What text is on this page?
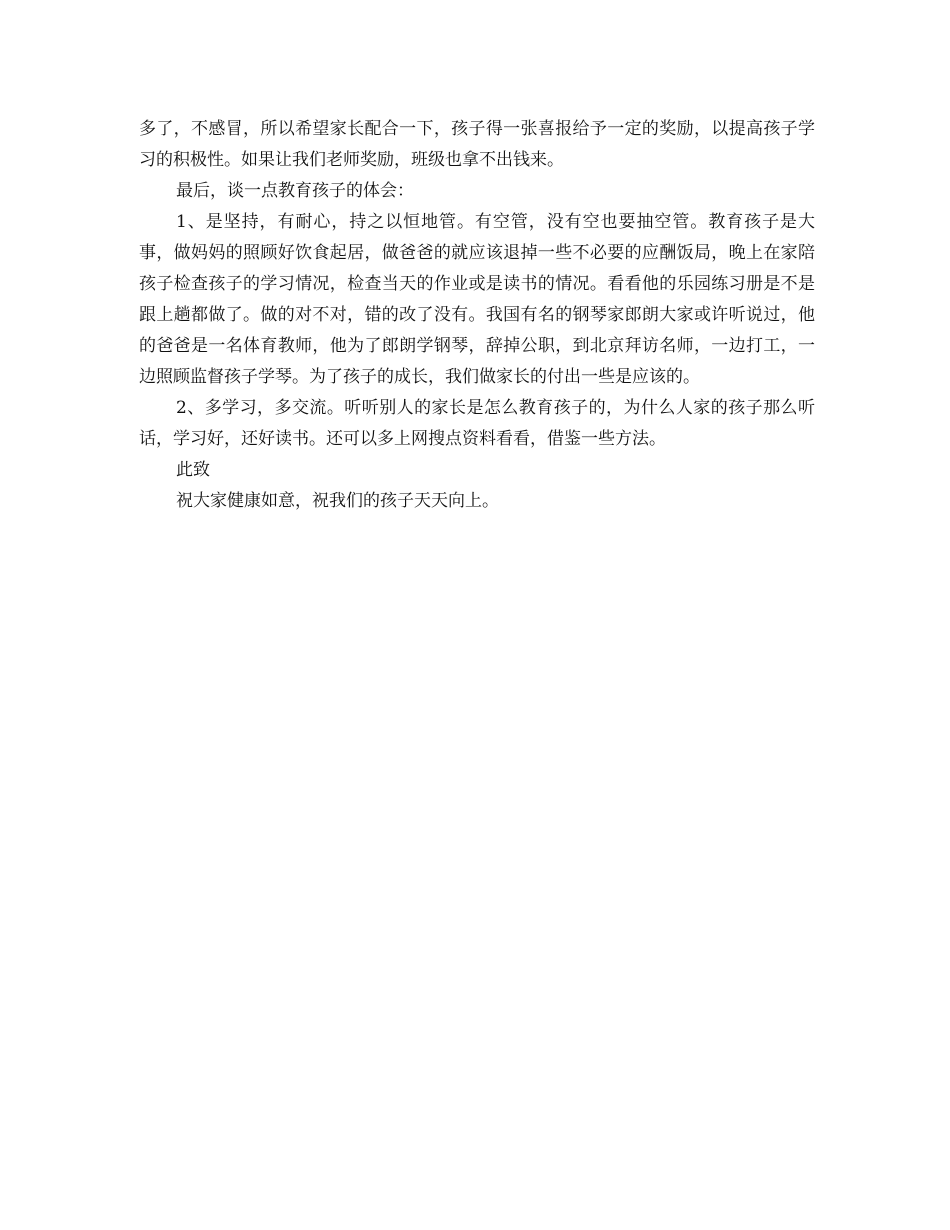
多了，不感冒，所以希望家长配合一下，孩子得一张喜报给予一定的奖励，以提高孩子学习的积极性。如果让我们老师奖励，班级也拿不出钱来。

最后，谈一点教育孩子的体会：

1、是坚持，有耐心，持之以恒地管。有空管，没有空也要抽空管。教育孩子是大事，做妈妈的照顾好饮食起居，做爸爸的就应该退掉一些不必要的应酬饭局，晚上在家陪孩子检查孩子的学习情况，检查当天的作业或是读书的情况。看看他的乐园练习册是不是跟上趟都做了。做的对不对，错的改了没有。我国有名的钢琴家郎朗大家或许听说过，他的爸爸是一名体育教师，他为了郎朗学钢琴，辞掉公职，到北京拜访名师，一边打工，一边照顾监督孩子学琴。为了孩子的成长，我们做家长的付出一些是应该的。

2、多学习，多交流。听听别人的家长是怎么教育孩子的，为什么人家的孩子那么听话，学习好，还好读书。还可以多上网搜点资料看看，借鉴一些方法。

此致

祝大家健康如意，祝我们的孩子天天向上。
